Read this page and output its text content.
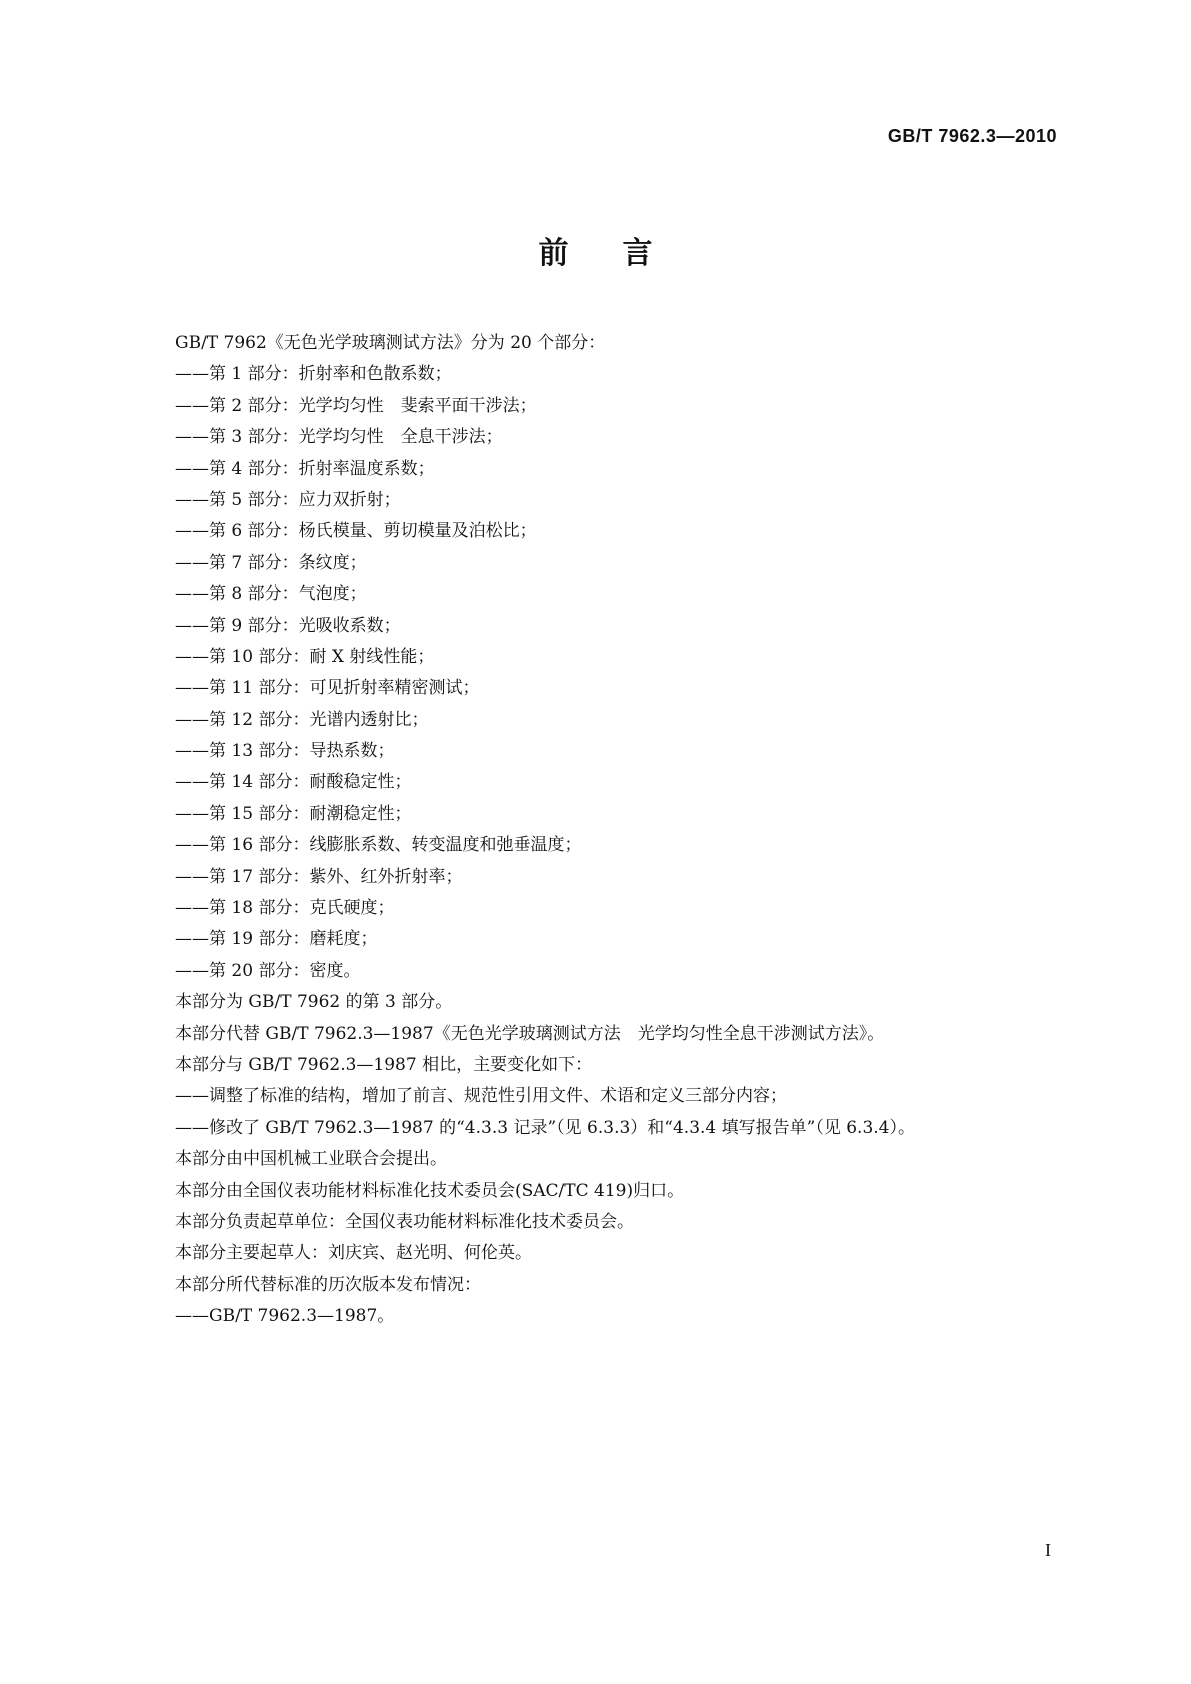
GB/T 7962.3—2010
前言
GB/T 7962《无色光学玻璃测试方法》分为 20 个部分：
——第 1 部分：折射率和色散系数；
——第 2 部分：光学均匀性　斐索平面干涉法；
——第 3 部分：光学均匀性　全息干涉法；
——第 4 部分：折射率温度系数；
——第 5 部分：应力双折射；
——第 6 部分：杨氏模量、剪切模量及泊松比；
——第 7 部分：条纹度；
——第 8 部分：气泡度；
——第 9 部分：光吸收系数；
——第 10 部分：耐 X 射线性能；
——第 11 部分：可见折射率精密测试；
——第 12 部分：光谱内透射比；
——第 13 部分：导热系数；
——第 14 部分：耐酸稳定性；
——第 15 部分：耐潮稳定性；
——第 16 部分：线膨胀系数、转变温度和弛垂温度；
——第 17 部分：紫外、红外折射率；
——第 18 部分：克氏硬度；
——第 19 部分：磨耗度；
——第 20 部分：密度。
本部分为 GB/T 7962 的第 3 部分。
本部分代替 GB/T 7962.3—1987《无色光学玻璃测试方法　光学均匀性全息干涉测试方法》。
本部分与 GB/T 7962.3—1987 相比，主要变化如下：
——调整了标准的结构，增加了前言、规范性引用文件、术语和定义三部分内容；
——修改了 GB/T 7962.3—1987 的“4.3.3 记录”（见 6.3.3）和“4.3.4 填写报告单”（见 6.3.4）。
本部分由中国机械工业联合会提出。
本部分由全国仪表功能材料标准化技术委员会(SAC/TC 419)归口。
本部分负责起草单位：全国仪表功能材料标准化技术委员会。
本部分主要起草人：刘庆宾、赵光明、何伦英。
本部分所代替标准的历次版本发布情况：
——GB/T 7962.3—1987。
I
